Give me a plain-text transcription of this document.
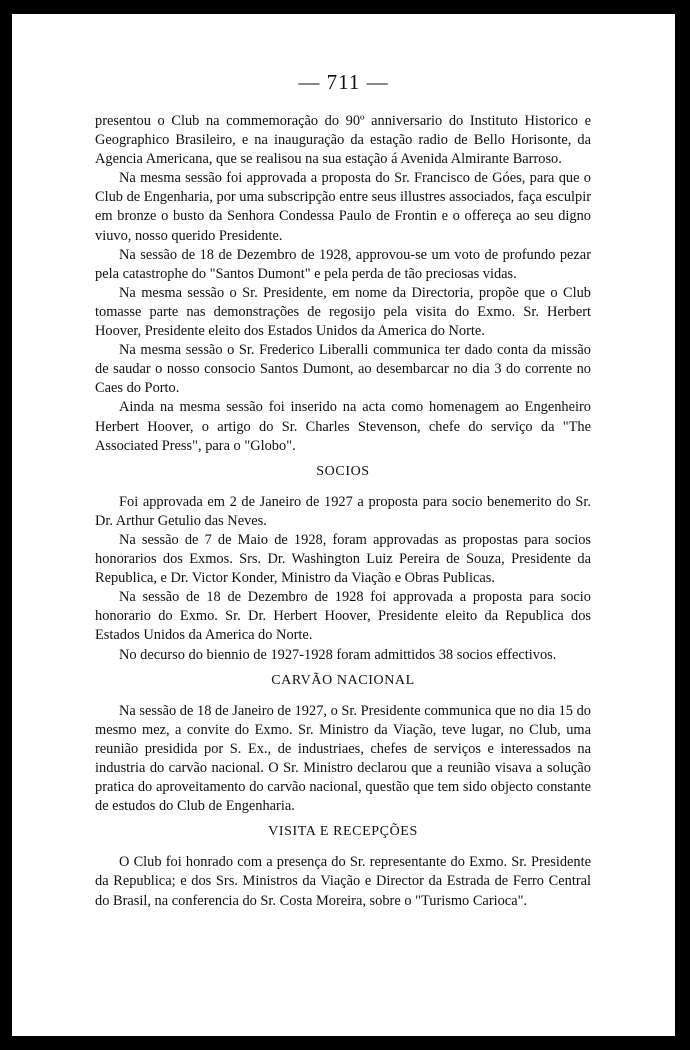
— 711 —

presentou o Club na commemoração do 90º anniversario do Instituto Historico e Geographico Brasileiro, e na inauguração da estação radio de Bello Horisonte, da Agencia Americana, que se realisou na sua estação á Avenida Almirante Barroso.

Na mesma sessão foi approvada a proposta do Sr. Francisco de Góes, para que o Club de Engenharia, por uma subscripção entre seus illustres associados, faça esculpir em bronze o busto da Senhora Condessa Paulo de Frontin e o offereça ao seu digno viuvo, nosso querido Presidente.

Na sessão de 18 de Dezembro de 1928, approvou-se um voto de profundo pezar pela catastrophe do "Santos Dumont" e pela perda de tão preciosas vidas.

Na mesma sessão o Sr. Presidente, em nome da Directoria, propõe que o Club tomasse parte nas demonstrações de regosijo pela visita do Exmo. Sr. Herbert Hoover, Presidente eleito dos Estados Unidos da America do Norte.

Na mesma sessão o Sr. Frederico Liberalli communica ter dado conta da missão de saudar o nosso consocio Santos Dumont, ao desembarcar no dia 3 do corrente no Caes do Porto.

Ainda na mesma sessão foi inserido na acta como homenagem ao Engenheiro Herbert Hoover, o artigo do Sr. Charles Stevenson, chefe do serviço da "The Associated Press", para o "Globo".

SOCIOS

Foi approvada em 2 de Janeiro de 1927 a proposta para socio benemerito do Sr. Dr. Arthur Getulio das Neves.

Na sessão de 7 de Maio de 1928, foram approvadas as propostas para socios honorarios dos Exmos. Srs. Dr. Washington Luiz Pereira de Souza, Presidente da Republica, e Dr. Victor Konder, Ministro da Viação e Obras Publicas.

Na sessão de 18 de Dezembro de 1928 foi approvada a proposta para socio honorario do Exmo. Sr. Dr. Herbert Hoover, Presidente eleito da Republica dos Estados Unidos da America do Norte.

No decurso do biennio de 1927-1928 foram admittidos 38 socios effectivos.

CARVÃO NACIONAL

Na sessão de 18 de Janeiro de 1927, o Sr. Presidente communica que no dia 15 do mesmo mez, a convite do Exmo. Sr. Ministro da Viação, teve lugar, no Club, uma reunião presidida por S. Ex., de industriaes, chefes de serviços e interessados na industria do carvão nacional. O Sr. Ministro declarou que a reunião visava a solução pratica do aproveitamento do carvão nacional, questão que tem sido objecto constante de estudos do Club de Engenharia.

VISITA E RECEPÇÕES

O Club foi honrado com a presença do Sr. representante do Exmo. Sr. Presidente da Republica; e dos Srs. Ministros da Viação e Director da Estrada de Ferro Central do Brasil, na conferencia do Sr. Costa Moreira, sobre o "Turismo Carioca".
